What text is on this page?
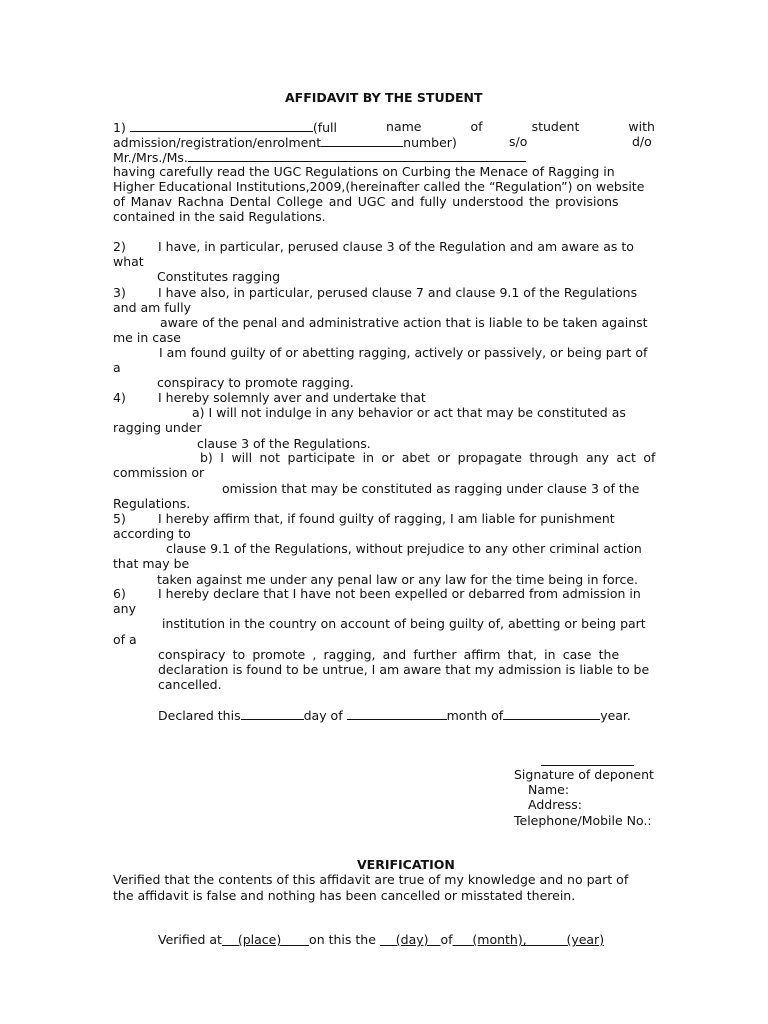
AFFIDAVIT BY THE STUDENT
1)	(full	name	of	student	with
admission/registration/enrolment	number)	s/o	d/o
Mr./Mrs./Ms.
having carefully read the UGC Regulations on Curbing the Menace of Ragging in
Higher Educational Institutions,2009,(hereinafter called the “Regulation”) on website
of Manav Rachna Dental College and UGC and fully understood the provisions
contained in the said Regulations.
2)	I have, in particular, perused clause 3 of the Regulation and am aware as to
what
Constitutes ragging
3)	I have also, in particular, perused clause 7 and clause 9.1 of the Regulations
and am fully
aware of the penal and administrative action that is liable to be taken against
me in case
I am found guilty of or abetting ragging, actively or passively, or being part of
a
conspiracy to promote ragging.
4)	I hereby solemnly aver and undertake that
a) I will not indulge in any behavior or act that may be constituted as
ragging under
clause 3 of the Regulations.
b) I will not participate in or abet or propagate through any act of
commission or
omission that may be constituted as ragging under clause 3 of the
Regulations.
5)	I hereby affirm that, if found guilty of ragging, I am liable for punishment
according to
clause 9.1 of the Regulations, without prejudice to any other criminal action
that may be
taken against me under any penal law or any law for the time being in force.
6)	I hereby declare that I have not been expelled or debarred from admission in
any
institution in the country on account of being guilty of, abetting or being part
of a
conspiracy to promote , ragging, and further affirm that, in case the
declaration is found to be untrue, I am aware that my admission is liable to be
cancelled.
Declared this	day of	month of	year.
Signature of deponent
Name:
Address:
Telephone/Mobile No.:
VERIFICATION
Verified that the contents of this affidavit are true of my knowledge and no part of
the affidavit is false and nothing has been cancelled or misstated therein.
Verified at (place) on this the (day) of (month),	(year)
